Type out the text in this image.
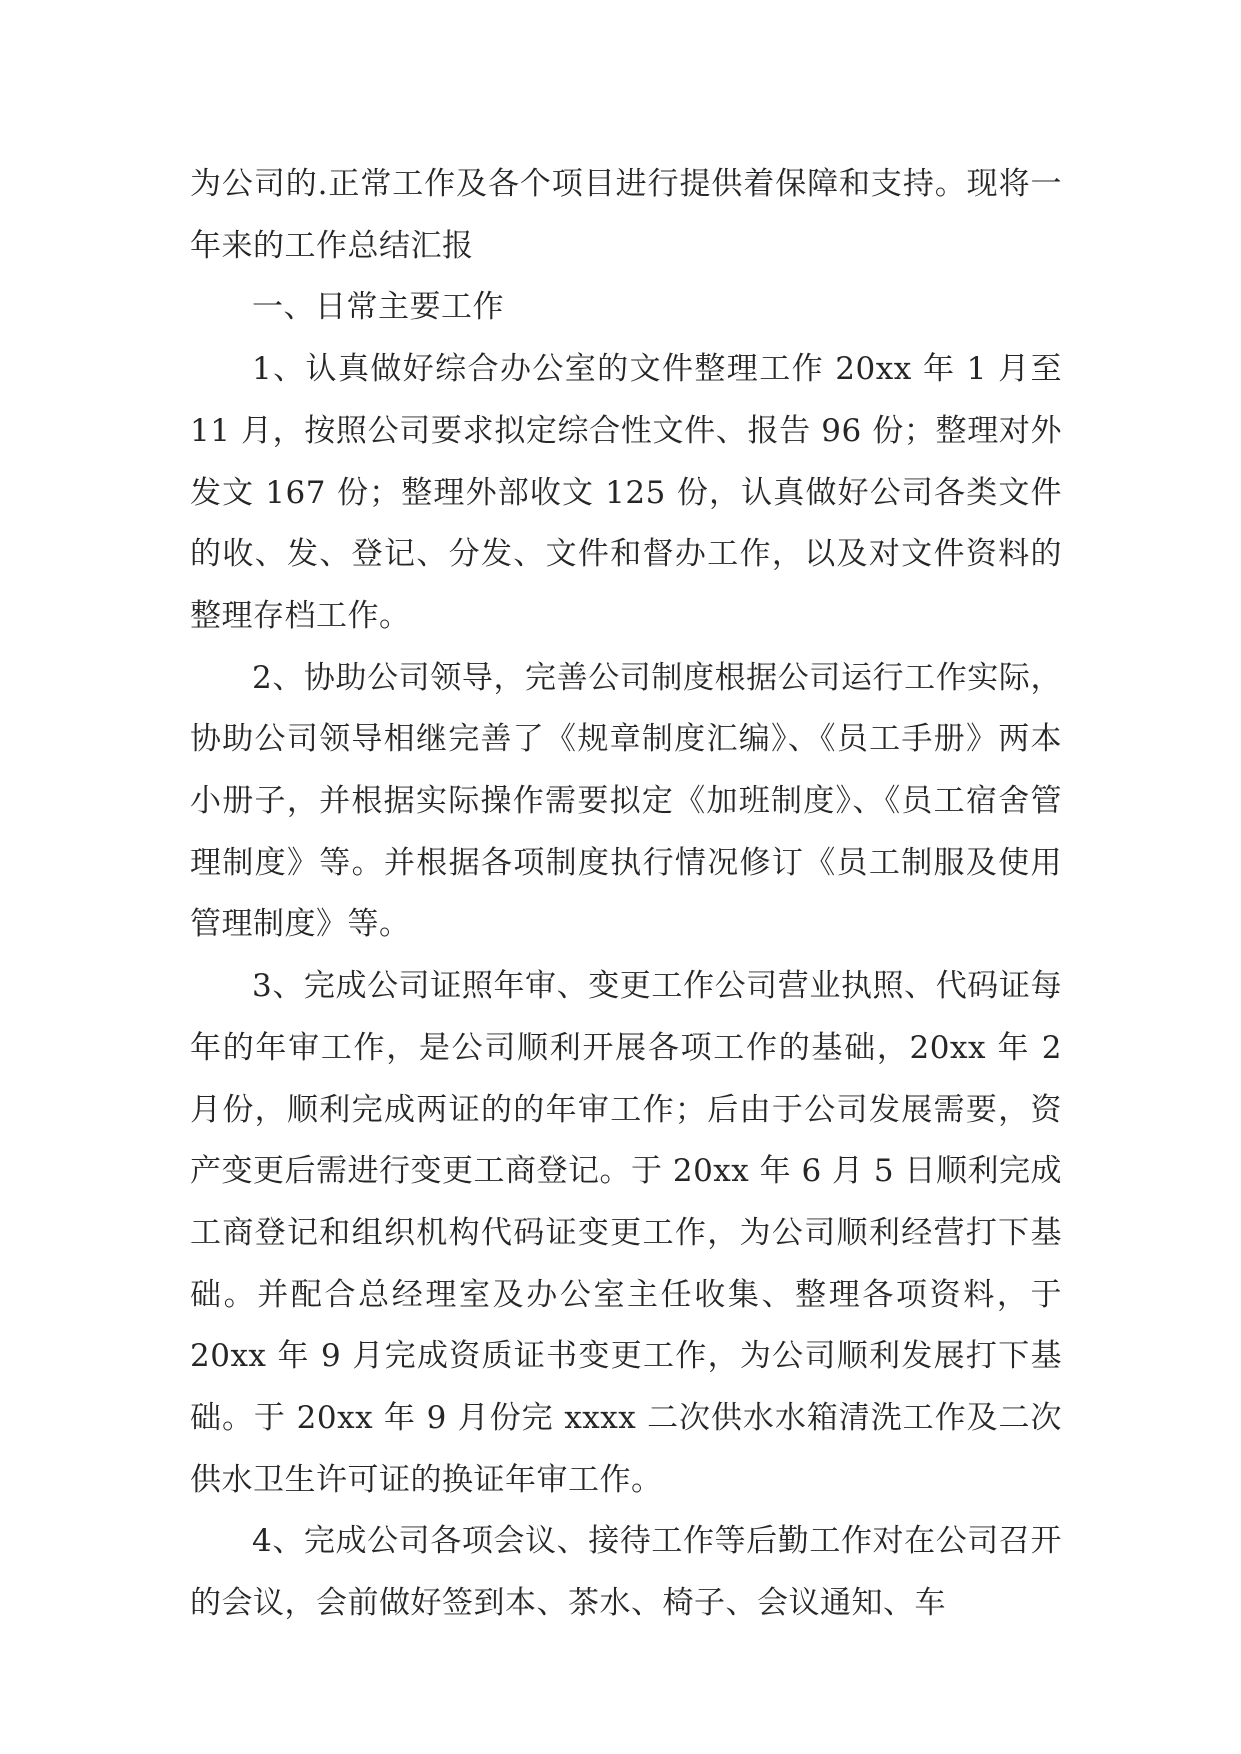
为公司的.正常工作及各个项目进行提供着保障和支持。现将一年来的工作总结汇报

一、日常主要工作

1、认真做好综合办公室的文件整理工作 20xx 年 1 月至 11 月，按照公司要求拟定综合性文件、报告 96 份；整理对外发文 167 份；整理外部收文 125 份，认真做好公司各类文件的收、发、登记、分发、文件和督办工作，以及对文件资料的整理存档工作。

2、协助公司领导，完善公司制度根据公司运行工作实际，协助公司领导相继完善了《规章制度汇编》、《员工手册》两本小册子，并根据实际操作需要拟定《加班制度》、《员工宿舍管理制度》等。并根据各项制度执行情况修订《员工制服及使用管理制度》等。

3、完成公司证照年审、变更工作公司营业执照、代码证每年的年审工作，是公司顺利开展各项工作的基础，20xx 年 2 月份，顺利完成两证的的年审工作；后由于公司发展需要，资产变更后需进行变更工商登记。于 20xx 年 6 月 5 日顺利完成工商登记和组织机构代码证变更工作，为公司顺利经营打下基础。并配合总经理室及办公室主任收集、整理各项资料，于 20xx 年 9 月完成资质证书变更工作，为公司顺利发展打下基础。于 20xx 年 9 月份完 xxxx 二次供水水箱清洗工作及二次供水卫生许可证的换证年审工作。

4、完成公司各项会议、接待工作等后勤工作对在公司召开的会议，会前做好签到本、茶水、椅子、会议通知、车
